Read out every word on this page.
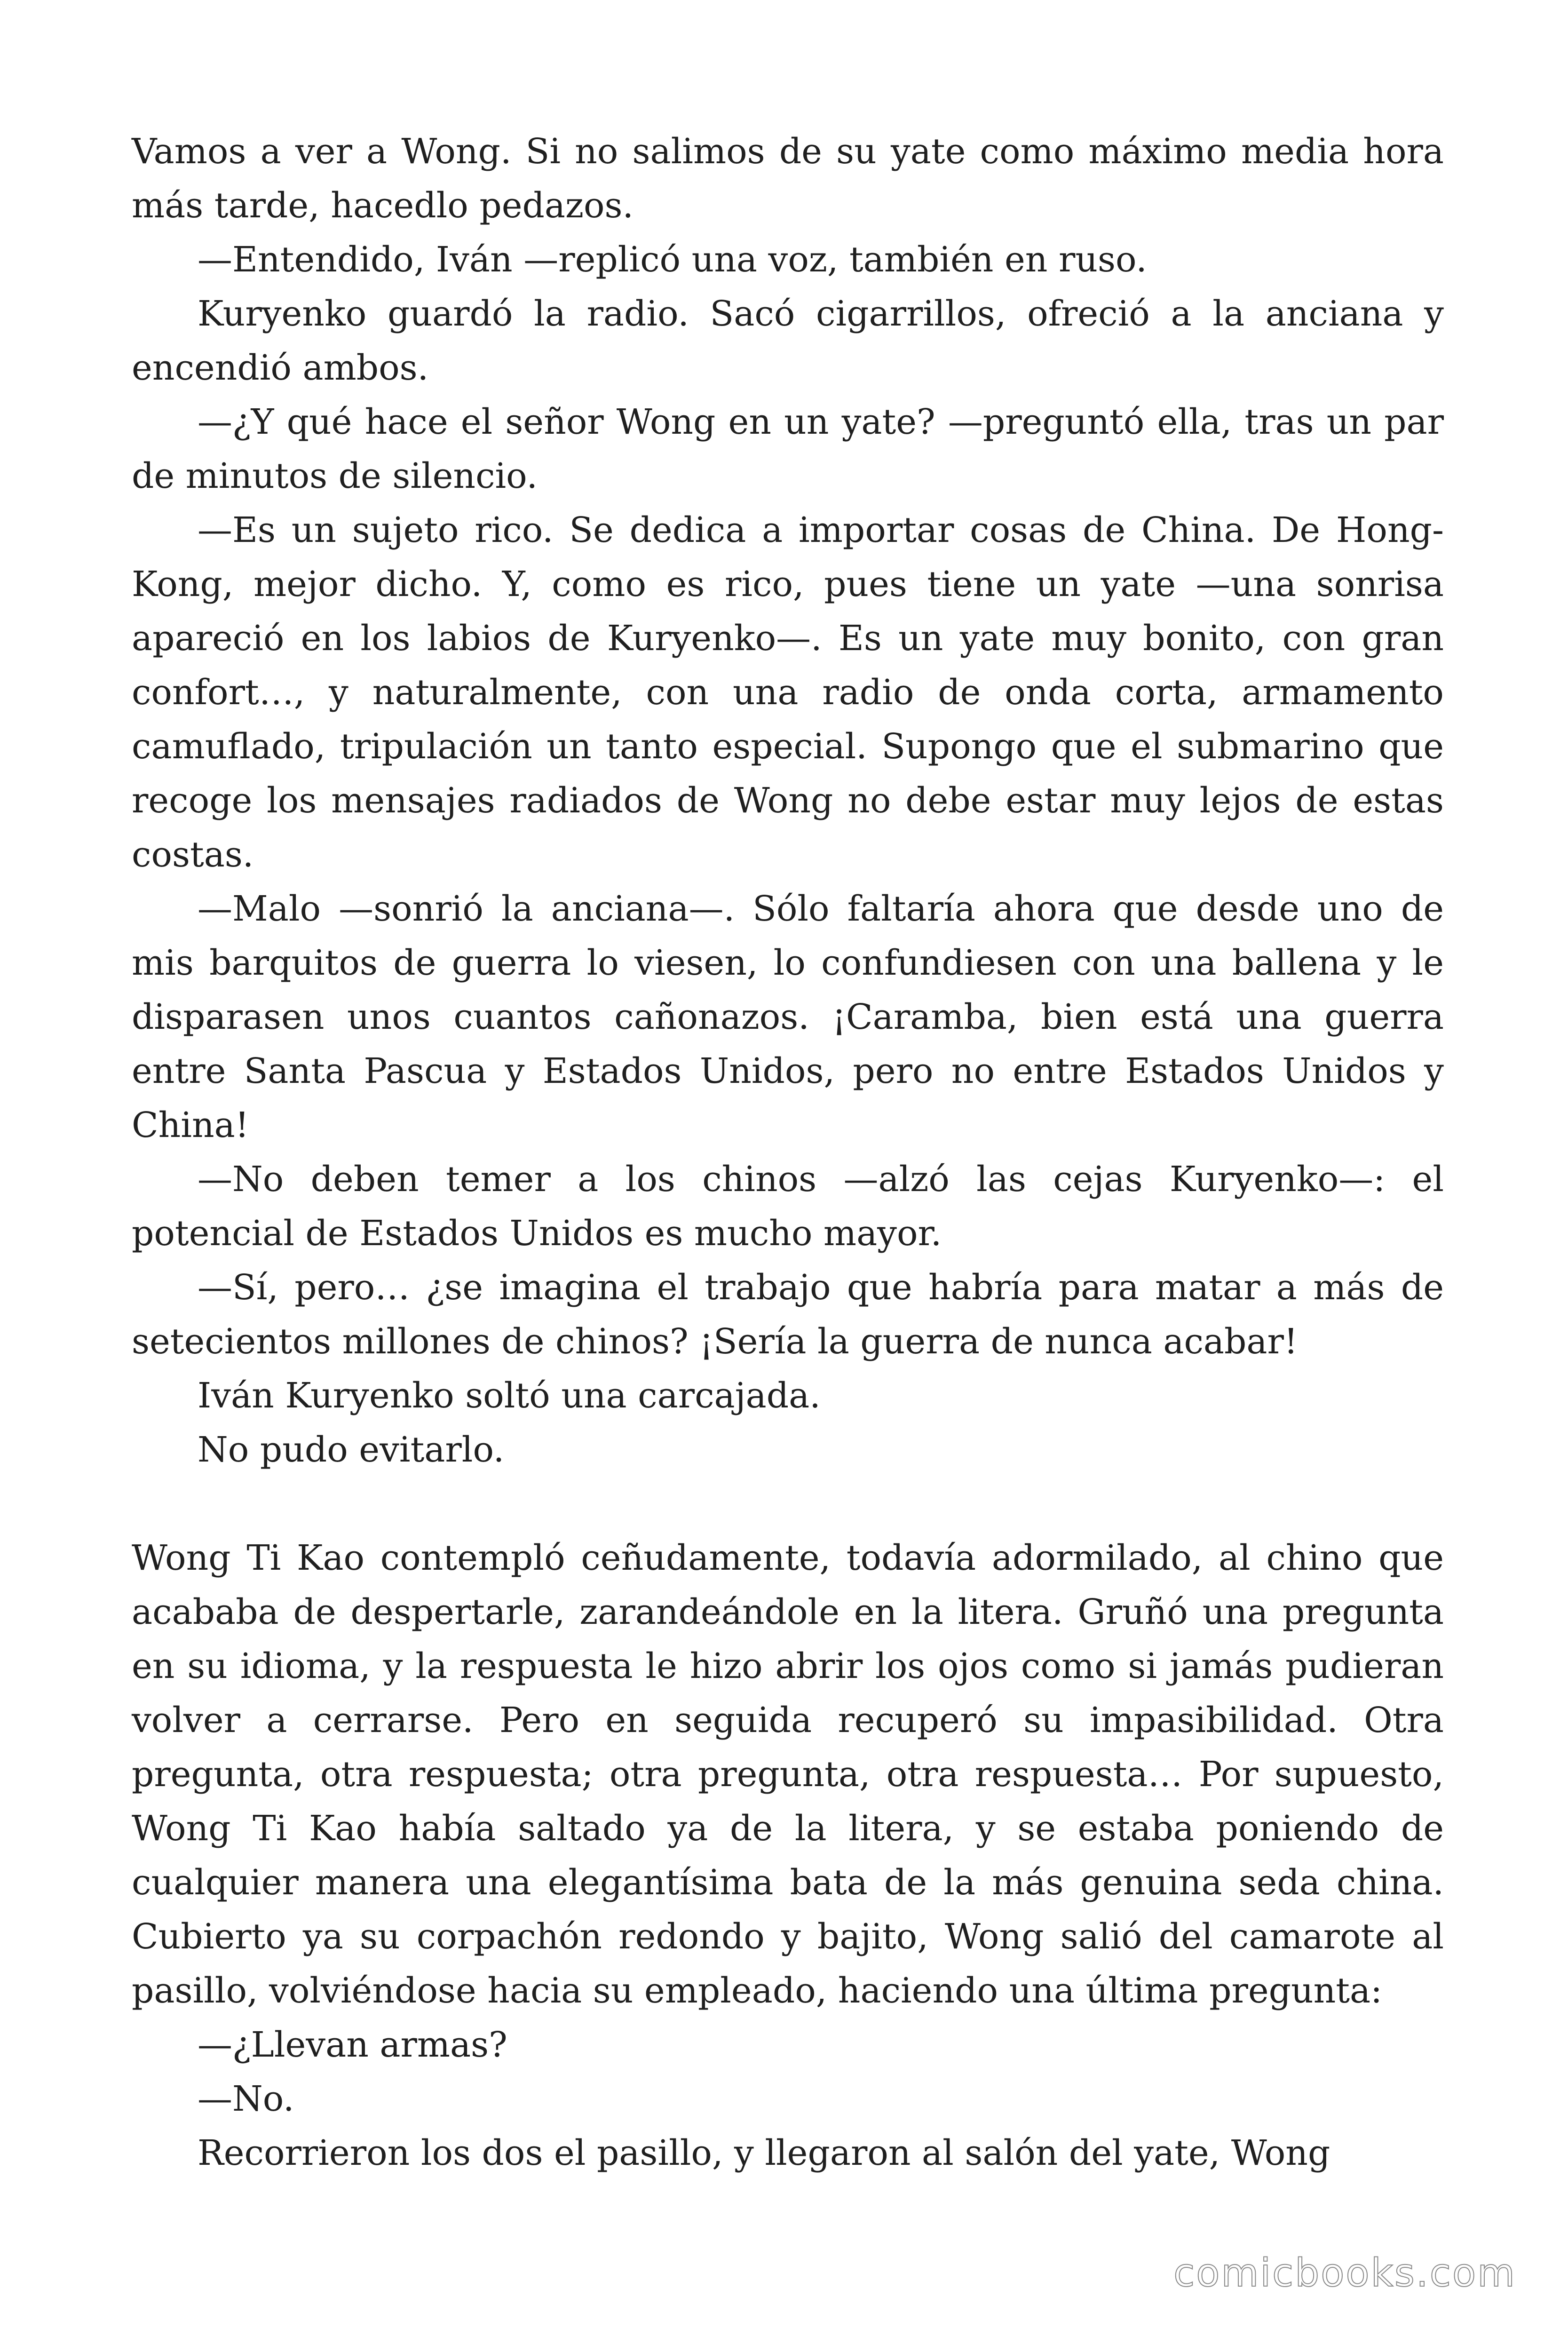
Vamos a ver a Wong. Si no salimos de su yate como máximo media hora más tarde, hacedlo pedazos.

—Entendido, Iván —replicó una voz, también en ruso.

Kuryenko guardó la radio. Sacó cigarrillos, ofreció a la anciana y encendió ambos.

—¿Y qué hace el señor Wong en un yate? —preguntó ella, tras un par de minutos de silencio.

—Es un sujeto rico. Se dedica a importar cosas de China. De Hong-Kong, mejor dicho. Y, como es rico, pues tiene un yate —una sonrisa apareció en los labios de Kuryenko—. Es un yate muy bonito, con gran confort…, y naturalmente, con una radio de onda corta, armamento camuflado, tripulación un tanto especial. Supongo que el submarino que recoge los mensajes radiados de Wong no debe estar muy lejos de estas costas.

—Malo —sonrió la anciana—. Sólo faltaría ahora que desde uno de mis barquitos de guerra lo viesen, lo confundiesen con una ballena y le disparasen unos cuantos cañonazos. ¡Caramba, bien está una guerra entre Santa Pascua y Estados Unidos, pero no entre Estados Unidos y China!

—No deben temer a los chinos —alzó las cejas Kuryenko—: el potencial de Estados Unidos es mucho mayor.

—Sí, pero… ¿se imagina el trabajo que habría para matar a más de setecientos millones de chinos? ¡Sería la guerra de nunca acabar!

Iván Kuryenko soltó una carcajada.

No pudo evitarlo.

Wong Ti Kao contempló ceñudamente, todavía adormilado, al chino que acababa de despertarle, zarandeándole en la litera. Gruñó una pregunta en su idioma, y la respuesta le hizo abrir los ojos como si jamás pudieran volver a cerrarse. Pero en seguida recuperó su impasibilidad. Otra pregunta, otra respuesta; otra pregunta, otra respuesta… Por supuesto, Wong Ti Kao había saltado ya de la litera, y se estaba poniendo de cualquier manera una elegantísima bata de la más genuina seda china. Cubierto ya su corpachón redondo y bajito, Wong salió del camarote al pasillo, volviéndose hacia su empleado, haciendo una última pregunta:

—¿Llevan armas?

—No.

Recorrieron los dos el pasillo, y llegaron al salón del yate, Wong

comicbooks.com
